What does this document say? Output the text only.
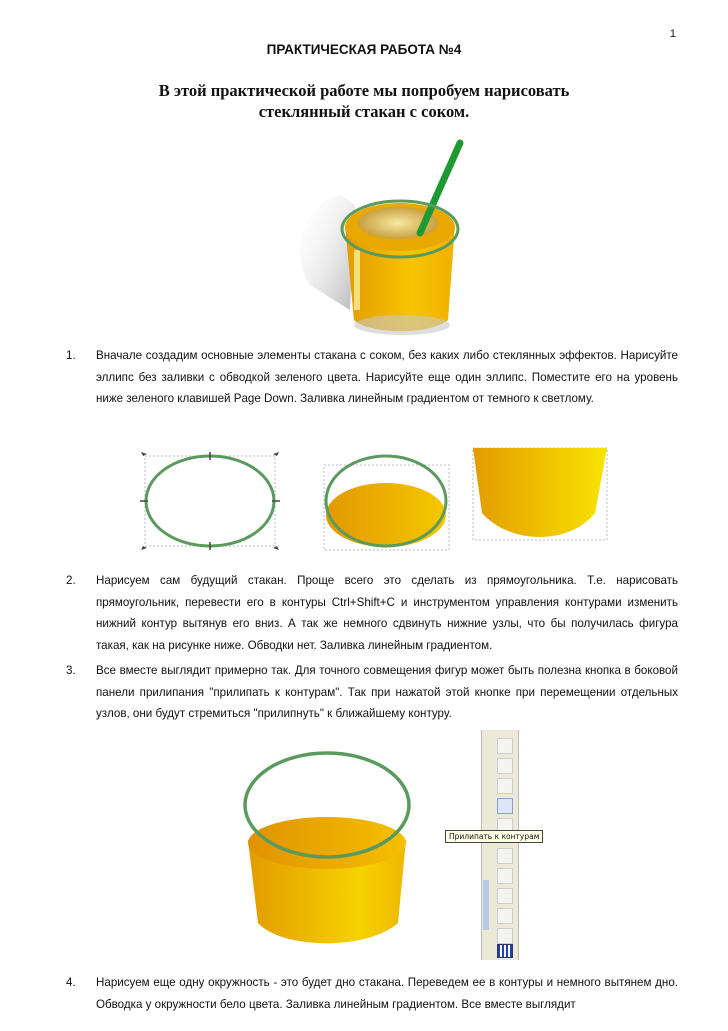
1
ПРАКТИЧЕСКАЯ РАБОТА №4
В этой практической работе мы попробуем нарисовать
стеклянный стакан с соком.
1. Вначале создадим основные элементы стакана с соком, без каких либо стеклянных эффектов. Нарисуйте эллипс без заливки с обводкой зеленого цвета. Нарисуйте еще один эллипс. Поместите его на уровень ниже зеленого клавишей Page Down. Заливка линейным градиентом от темного к светлому.
2. Нарисуем сам будущий стакан. Проще всего это сделать из прямоугольника. Т.е. нарисовать прямоугольник, перевести его в контуры Ctrl+Shift+C и инструментом управления контурами изменить нижний контур вытянув его вниз. А так же немного сдвинуть нижние узлы, что бы получилась фигура такая, как на рисунке ниже. Обводки нет. Заливка линейным градиентом.
3. Все вместе выглядит примерно так. Для точного совмещения фигур может быть полезна кнопка в боковой панели прилипания "прилипать к контурам". Так при нажатой этой кнопке при перемещении отдельных узлов, они будут стремиться "прилипнуть" к ближайшему контуру.
Прилипать к контурам
4. Нарисуем еще одну окружность - это будет дно стакана. Переведем ее в контуры и немного вытянем дно. Обводка у окружности бело цвета. Заливка линейным градиентом. Все вместе выглядит
